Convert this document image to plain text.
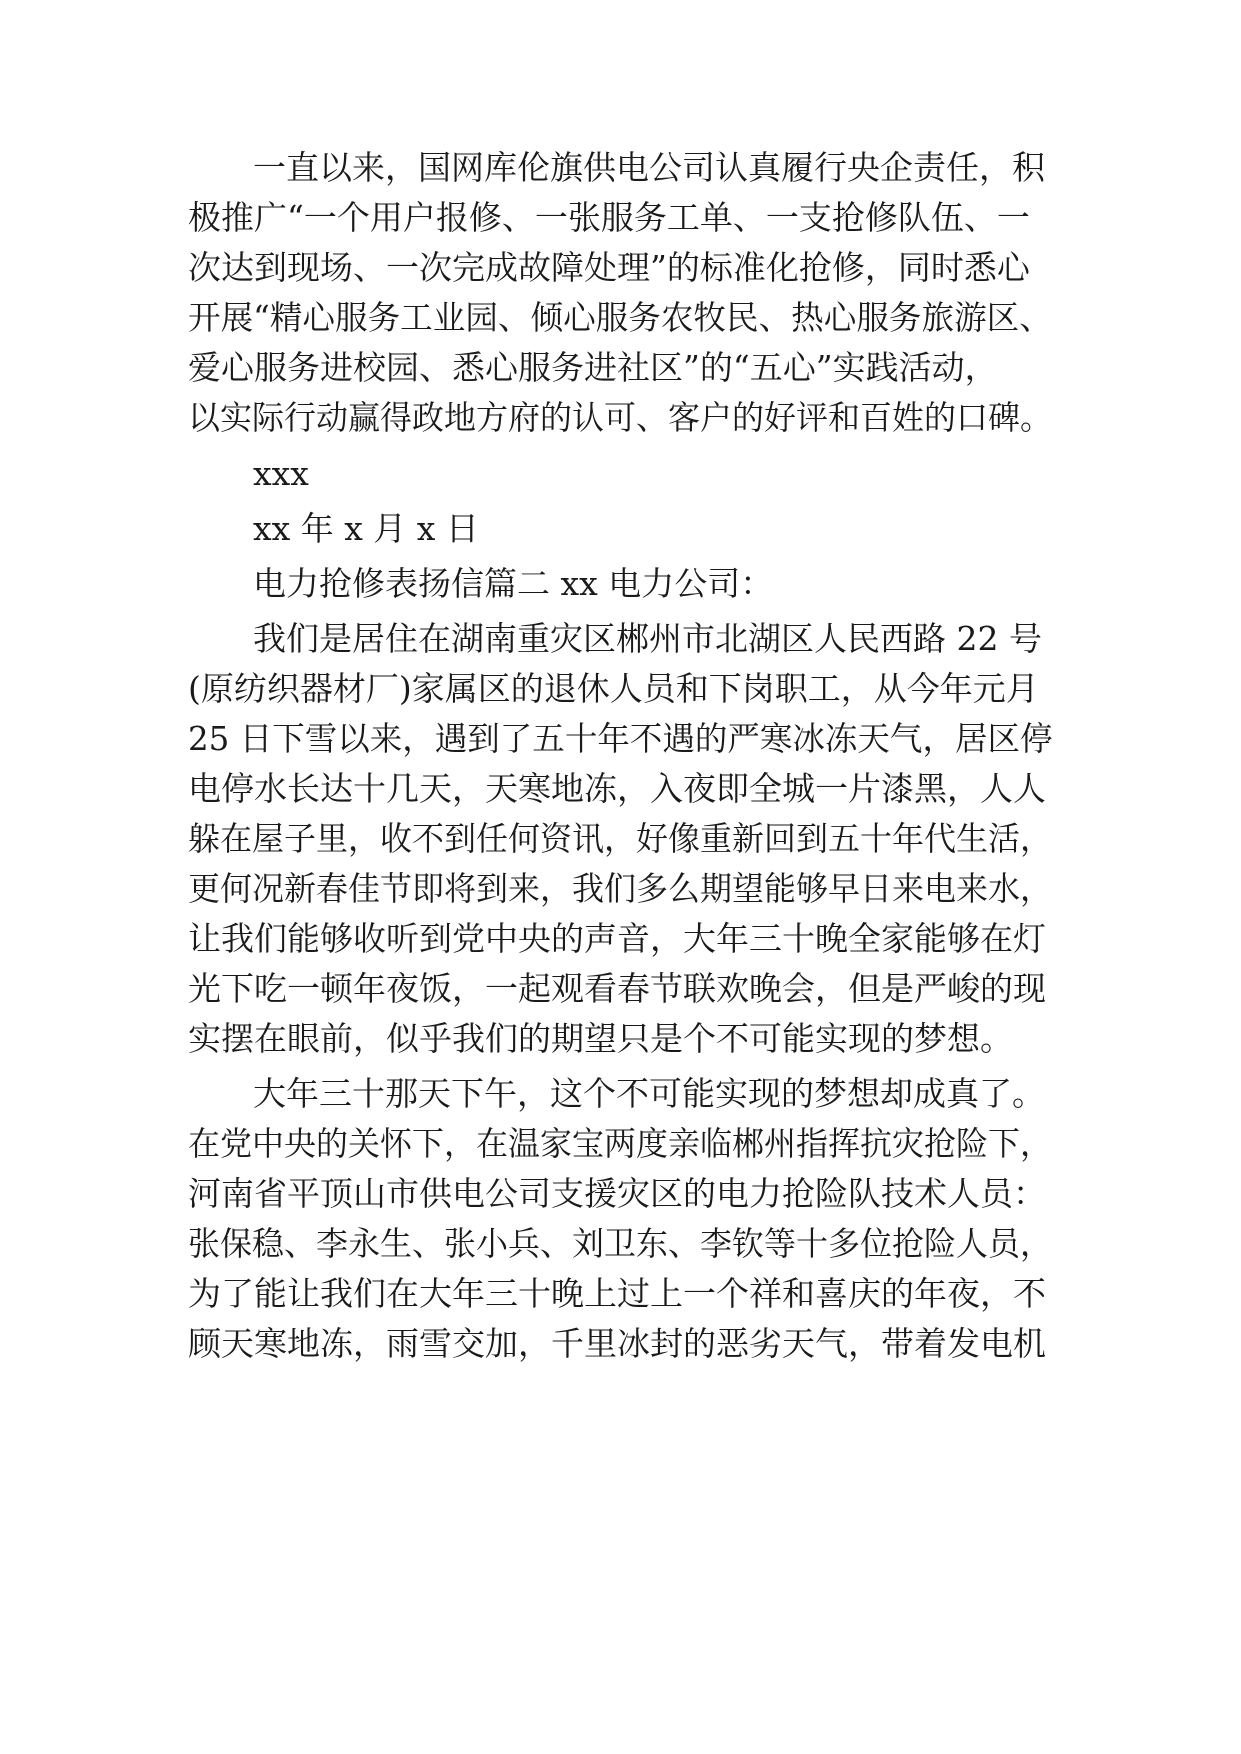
一直以来，国网库伦旗供电公司认真履行央企责任，积

极推广“一个用户报修、一张服务工单、一支抢修队伍、一

次达到现场、一次完成故障处理”的标准化抢修，同时悉心

开展“精心服务工业园、倾心服务农牧民、热心服务旅游区、

爱心服务进校园、悉心服务进社区”的“五心”实践活动，

以实际行动赢得政地方府的认可、客户的好评和百姓的口碑。

xxx

xx 年 x 月 x 日

电力抢修表扬信篇二 xx 电力公司：

我们是居住在湖南重灾区郴州市北湖区人民西路 22 号

(原纺织器材厂)家属区的退休人员和下岗职工，从今年元月

25 日下雪以来，遇到了五十年不遇的严寒冰冻天气，居区停

电停水长达十几天，天寒地冻，入夜即全城一片漆黑，人人

躲在屋子里，收不到任何资讯，好像重新回到五十年代生活，

更何况新春佳节即将到来，我们多么期望能够早日来电来水，

让我们能够收听到党中央的声音，大年三十晚全家能够在灯

光下吃一顿年夜饭，一起观看春节联欢晚会，但是严峻的现

实摆在眼前，似乎我们的期望只是个不可能实现的梦想。

大年三十那天下午，这个不可能实现的梦想却成真了。

在党中央的关怀下，在温家宝两度亲临郴州指挥抗灾抢险下，

河南省平顶山市供电公司支援灾区的电力抢险队技术人员：

张保稳、李永生、张小兵、刘卫东、李钦等十多位抢险人员，

为了能让我们在大年三十晚上过上一个祥和喜庆的年夜，不

顾天寒地冻，雨雪交加，千里冰封的恶劣天气，带着发电机
